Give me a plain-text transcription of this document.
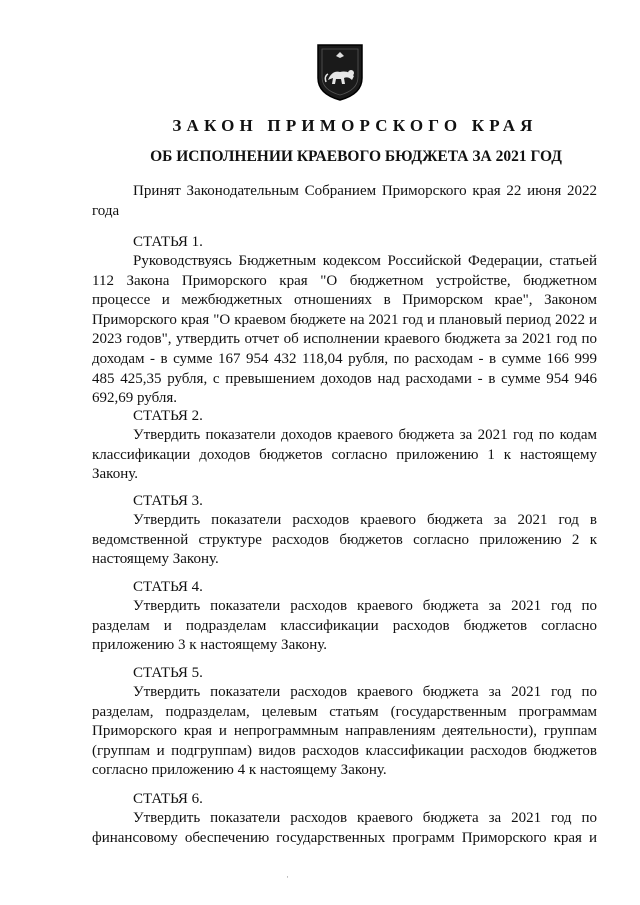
ЗАКОН ПРИМОРСКОГО КРАЯ
ОБ ИСПОЛНЕНИИ КРАЕВОГО БЮДЖЕТА ЗА 2021 ГОД
Принят Законодательным Собранием Приморского края 22 июня 2022 года
СТАТЬЯ 1.
Руководствуясь Бюджетным кодексом Российской Федерации, статьей 112 Закона Приморского края "О бюджетном устройстве, бюджетном процессе и межбюджетных отношениях в Приморском крае", Законом Приморского края "О краевом бюджете на 2021 год и плановый период 2022 и 2023 годов", утвердить отчет об исполнении краевого бюджета за 2021 год по доходам - в сумме 167 954 432 118,04 рубля, по расходам - в сумме 166 999 485 425,35 рубля, с превышением доходов над расходами - в сумме 954 946 692,69 рубля.
СТАТЬЯ 2.
Утвердить показатели доходов краевого бюджета за 2021 год по кодам классификации доходов бюджетов согласно приложению 1 к настоящему Закону.
СТАТЬЯ 3.
Утвердить показатели расходов краевого бюджета за 2021 год в ведомственной структуре расходов бюджетов согласно приложению 2 к настоящему Закону.
СТАТЬЯ 4.
Утвердить показатели расходов краевого бюджета за 2021 год по разделам и подразделам классификации расходов бюджетов согласно приложению 3 к настоящему Закону.
СТАТЬЯ 5.
Утвердить показатели расходов краевого бюджета за 2021 год по разделам, подразделам, целевым статьям (государственным программам Приморского края и непрограммным направлениям деятельности), группам (группам и подгруппам) видов расходов классификации расходов бюджетов согласно приложению 4 к настоящему Закону.
СТАТЬЯ 6.
Утвердить показатели расходов краевого бюджета за 2021 год по финансовому обеспечению государственных программ Приморского края и
·
